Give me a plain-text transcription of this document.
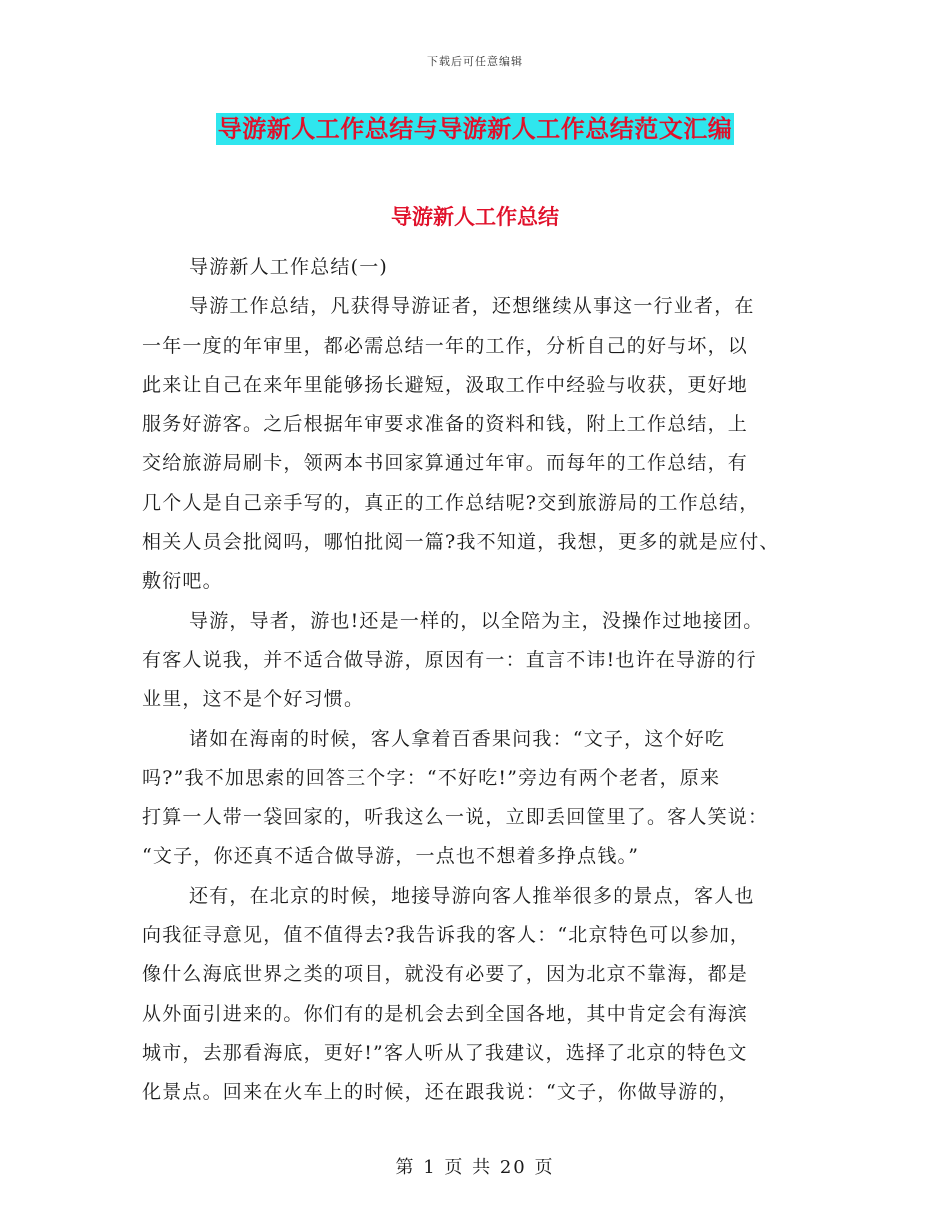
下载后可任意编辑
导游新人工作总结与导游新人工作总结范文汇编
导游新人工作总结
导游新人工作总结(一)
导游工作总结，凡获得导游证者，还想继续从事这一行业者，在
一年一度的年审里，都必需总结一年的工作，分析自己的好与坏，以
此来让自己在来年里能够扬长避短，汲取工作中经验与收获，更好地
服务好游客。之后根据年审要求准备的资料和钱，附上工作总结，上
交给旅游局刷卡，领两本书回家算通过年审。而每年的工作总结，有
几个人是自己亲手写的，真正的工作总结呢?交到旅游局的工作总结，
相关人员会批阅吗，哪怕批阅一篇?我不知道，我想，更多的就是应付、
敷衍吧。
导游，导者，游也!还是一样的，以全陪为主，没操作过地接团。
有客人说我，并不适合做导游，原因有一：直言不讳!也许在导游的行
业里，这不是个好习惯。
诸如在海南的时候，客人拿着百香果问我：“文子，这个好吃
吗?”我不加思索的回答三个字：“不好吃!”旁边有两个老者，原来
打算一人带一袋回家的，听我这么一说，立即丢回筐里了。客人笑说：
“文子，你还真不适合做导游，一点也不想着多挣点钱。”
还有，在北京的时候，地接导游向客人推举很多的景点，客人也
向我征寻意见，值不值得去?我告诉我的客人：“北京特色可以参加，
像什么海底世界之类的项目，就没有必要了，因为北京不靠海，都是
从外面引进来的。你们有的是机会去到全国各地，其中肯定会有海滨
城市，去那看海底，更好!”客人听从了我建议，选择了北京的特色文
化景点。回来在火车上的时候，还在跟我说：“文子，你做导游的，
第 1 页 共 20 页
